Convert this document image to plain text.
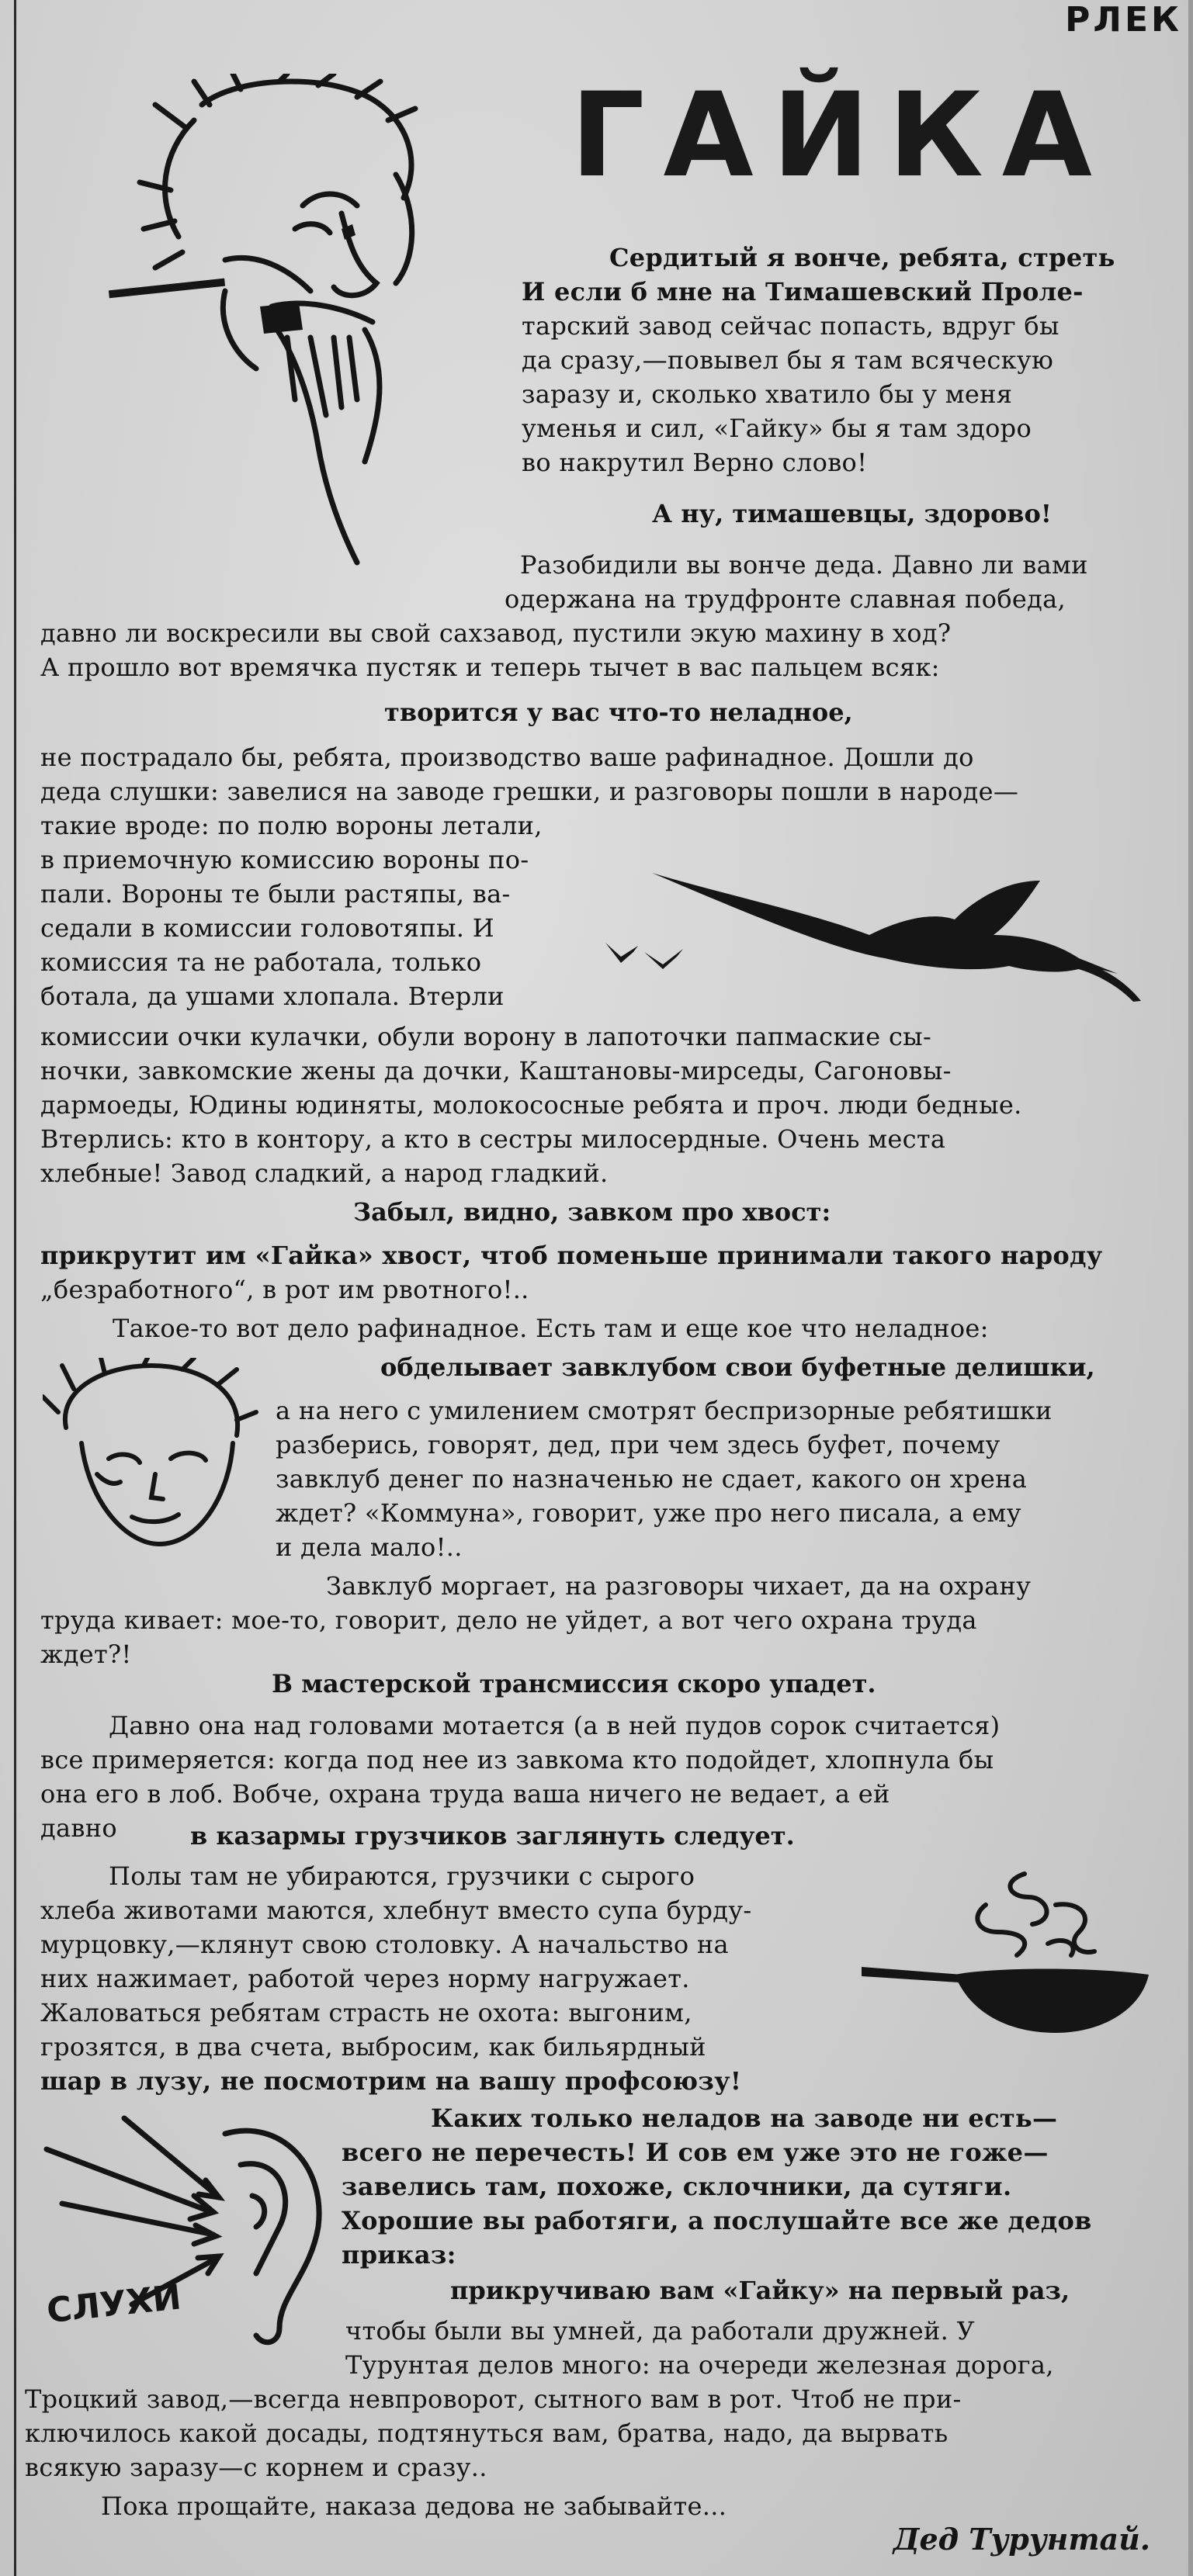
РЛЕК
ГАЙКА
Сердитый я вонче, ребята, стреть
И если б мне на Тимашевский Проле-
тарский завод сейчас попасть, вдруг бы
да сразу,—повывел бы я там всяческую
заразу и, сколько хватило бы у меня
уменья и сил, «Гайку» бы я там здоро
во накрутил Верно слово!
А ну, тимашевцы, здорово!
Разобидили вы вонче деда. Давно ли вами
одержана на трудфронте славная победа,
давно ли воскресили вы свой сахзавод, пустили экую махину в ход?
А прошло вот времячка пустяк и теперь тычет в вас пальцем всяк:
творится у вас что-то неладное,
не пострадало бы, ребята, производство ваше рафинадное. Дошли до
деда слушки: завелися на заводе грешки, и разговоры пошли в народе—
такие вроде: по полю вороны летали,
в приемочную комиссию вороны по-
пали. Вороны те были растяпы, ва-
седали в комиссии головотяпы. И
комиссия та не работала, только
ботала, да ушами хлопала. Втерли
комиссии очки кулачки, обули ворону в лапоточки папмаские сы-
ночки, завкомские жены да дочки, Каштановы-мирседы, Сагоновы-
дармоеды, Юдины юдиняты, молокососные ребята и проч. люди бедные.
Втерлись: кто в контору, а кто в сестры милосердные. Очень места
хлебные! Завод сладкий, а народ гладкий.
Забыл, видно, завком про хвост:
прикрутит им «Гайка» хвост, чтоб поменьше принимали такого народу
„безработного“, в рот им рвотного!..
Такое-то вот дело рафинадное. Есть там и еще кое что неладное:
обделывает завклубом свои буфетные делишки,
а на него с умилением смотрят беспризорные ребятишки
разберись, говорят, дед, при чем здесь буфет, почему
завклуб денег по назначенью не сдает, какого он хрена
ждет? «Коммуна», говорит, уже про него писала, а ему
и дела мало!..
Завклуб моргает, на разговоры чихает, да на охрану
труда кивает: мое-то, говорит, дело не уйдет, а вот чего охрана труда
ждет?!
В мастерской трансмиссия скоро упадет.
Давно она над головами мотается (а в ней пудов сорок считается)
все примеряется: когда под нее из завкома кто подойдет, хлопнула бы
она его в лоб. Вобче, охрана труда ваша ничего не ведает, а ей
давно	в казармы грузчиков заглянуть следует.
Полы там не убираются, грузчики с сырого
хлеба животами маются, хлебнут вместо супа бурду-
мурцовку,—клянут свою столовку. А начальство на
них нажимает, работой через норму нагружает.
Жаловаться ребятам страсть не охота: выгоним,
грозятся, в два счета, выбросим, как бильярдный
шар в лузу, не посмотрим на вашу профсоюзу!
СЛУХИ
Каких только неладов на заводе ни есть—
всего не перечесть! И сов ем уже это не гоже—
завелись там, похоже, склочники, да сутяги.
Хорошие вы работяги, а послушайте все же дедов
приказ:
прикручиваю вам «Гайку» на первый раз,
чтобы были вы умней, да работали дружней. У
Турунтая делов много: на очереди железная дорога,
Троцкий завод,—всегда невпроворот, сытного вам в рот. Чтоб не при-
ключилось какой досады, подтянуться вам, братва, надо, да вырвать
всякую заразу—с корнем и сразу..
Пока прощайте, наказа дедова не забывайте...
Дед Турунтай.
